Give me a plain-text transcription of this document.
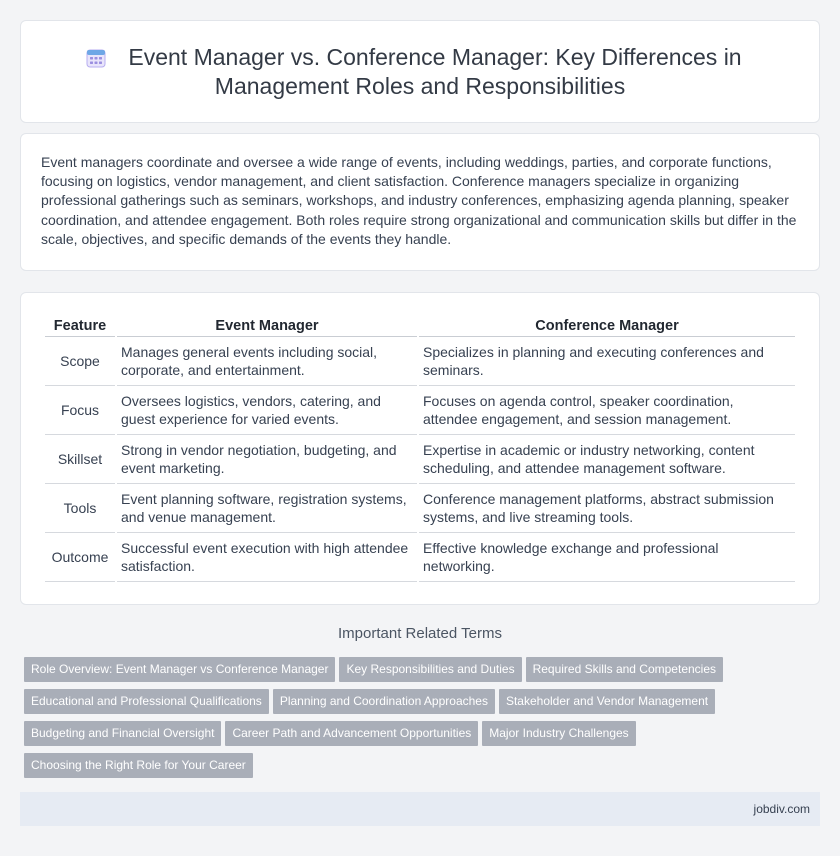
Event Manager vs. Conference Manager: Key Differences in
Management Roles and Responsibilities

Event managers coordinate and oversee a wide range of events, including weddings, parties, and corporate functions, focusing on logistics, vendor management, and client satisfaction. Conference managers specialize in organizing professional gatherings such as seminars, workshops, and industry conferences, emphasizing agenda planning, speaker coordination, and attendee engagement. Both roles require strong organizational and communication skills but differ in the scale, objectives, and specific demands of the events they handle.

Feature	Event Manager	Conference Manager
Scope	Manages general events including social, corporate, and entertainment.	Specializes in planning and executing conferences and seminars.
Focus	Oversees logistics, vendors, catering, and guest experience for varied events.	Focuses on agenda control, speaker coordination, attendee engagement, and session management.
Skillset	Strong in vendor negotiation, budgeting, and event marketing.	Expertise in academic or industry networking, content scheduling, and attendee management software.
Tools	Event planning software, registration systems, and venue management.	Conference management platforms, abstract submission systems, and live streaming tools.
Outcome	Successful event execution with high attendee satisfaction.	Effective knowledge exchange and professional networking.
Important Related Terms
Role Overview: Event Manager vs Conference Manager Key Responsibilities and Duties Required Skills and Competencies
Educational and Professional Qualifications Planning and Coordination Approaches Stakeholder and Vendor Management
Budgeting and Financial Oversight Career Path and Advancement Opportunities Major Industry Challenges
Choosing the Right Role for Your Career
jobdiv.com
